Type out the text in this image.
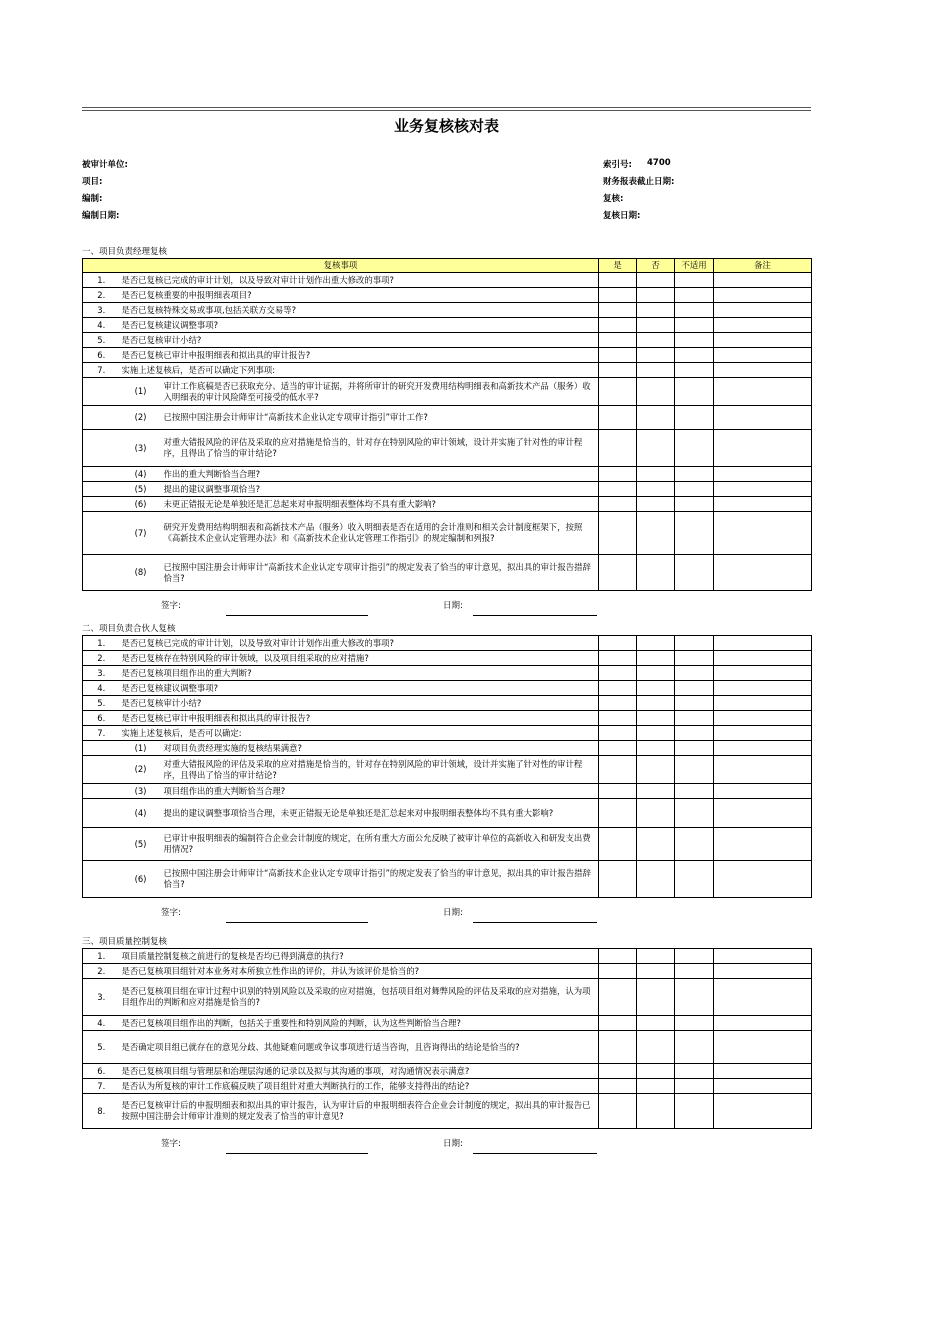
业务复核核对表
被审计单位:
项目:
编制:
编制日期:
索引号: 4700
财务报表截止日期:
复核:
复核日期:
一、项目负责经理复核
复核事项			是	否	不适用	备注
1.	是否已复核已完成的审计计划，以及导致对审计计划作出重大修改的事项?					
2.	是否已复核重要的申报明细表项目?					
3.	是否已复核特殊交易或事项,包括关联方交易等?					
4.	是否已复核建议调整事项?					
5.	是否已复核审计小结?					
6.	是否已复核已审计申报明细表和拟出具的审计报告?					
7.	实施上述复核后，是否可以确定下列事项:					
	(1)	审计工作底稿是否已获取充分、适当的审计证据，并将所审计的研究开发费用结构明细表和高新技术产品（服务）收入明细表的审计风险降至可接受的低水平?				
	(2)	已按照中国注册会计师审计“高新技术企业认定专项审计指引”审计工作?				
	(3)	对重大错报风险的评估及采取的应对措施是恰当的，针对存在特别风险的审计领域，设计并实施了针对性的审计程序，且得出了恰当的审计结论?				
	(4)	作出的重大判断恰当合理?				
	(5)	提出的建议调整事项恰当?				
	(6)	未更正错报无论是单独还是汇总起来对申报明细表整体均不具有重大影响?				
	(7)	研究开发费用结构明细表和高新技术产品（服务）收入明细表是否在适用的会计准则和相关会计制度框架下，按照《高新技术企业认定管理办法》和《高新技术企业认定管理工作指引》的规定编制和列报?				
	(8)	已按照中国注册会计师审计“高新技术企业认定专项审计指引”的规定发表了恰当的审计意见，拟出具的审计报告措辞恰当?				
签字:	日期:
二、项目负责合伙人复核
1.	是否已复核已完成的审计计划，以及导致对审计计划作出重大修改的事项?					
2.	是否已复核存在特别风险的审计领域，以及项目组采取的应对措施?					
3.	是否已复核项目组作出的重大判断?					
4.	是否已复核建议调整事项?					
5.	是否已复核审计小结?					
6.	是否已复核已审计申报明细表和拟出具的审计报告?					
7.	实施上述复核后，是否可以确定:					
	(1)	对项目负责经理实施的复核结果满意?				
	(2)	对重大错报风险的评估及采取的应对措施是恰当的，针对存在特别风险的审计领域，设计并实施了针对性的审计程序，且得出了恰当的审计结论?				
	(3)	项目组作出的重大判断恰当合理?				
	(4)	提出的建议调整事项恰当合理，未更正错报无论是单独还是汇总起来对申报明细表整体均不具有重大影响?				
	(5)	已审计申报明细表的编制符合企业会计制度的规定，在所有重大方面公允反映了被审计单位的高新收入和研发支出费用情况?				
	(6)	已按照中国注册会计师审计“高新技术企业认定专项审计指引”的规定发表了恰当的审计意见，拟出具的审计报告措辞恰当?				
签字:	日期:
三、项目质量控制复核
1.	项目质量控制复核之前进行的复核是否均已得到满意的执行?				
2.	是否已复核项目组针对本业务对本所独立性作出的评价，并认为该评价是恰当的?				
3.	是否已复核项目组在审计过程中识别的特别风险以及采取的应对措施，包括项目组对舞弊风险的评估及采取的应对措施，认为项目组作出的判断和应对措施是恰当的?				
4.	是否已复核项目组作出的判断，包括关于重要性和特别风险的判断，认为这些判断恰当合理?				
5.	是否确定项目组已就存在的意见分歧、其他疑难问题或争议事项进行适当咨询，且咨询得出的结论是恰当的?				
6.	是否已复核项目组与管理层和治理层沟通的记录以及拟与其沟通的事项，对沟通情况表示满意?				
7.	是否认为所复核的审计工作底稿反映了项目组针对重大判断执行的工作，能够支持得出的结论?				
8.	是否已复核审计后的申报明细表和拟出具的审计报告，认为审计后的申报明细表符合企业会计制度的规定，拟出具的审计报告已按照中国注册会计师审计准则的规定发表了恰当的审计意见?				
签字:	日期:
